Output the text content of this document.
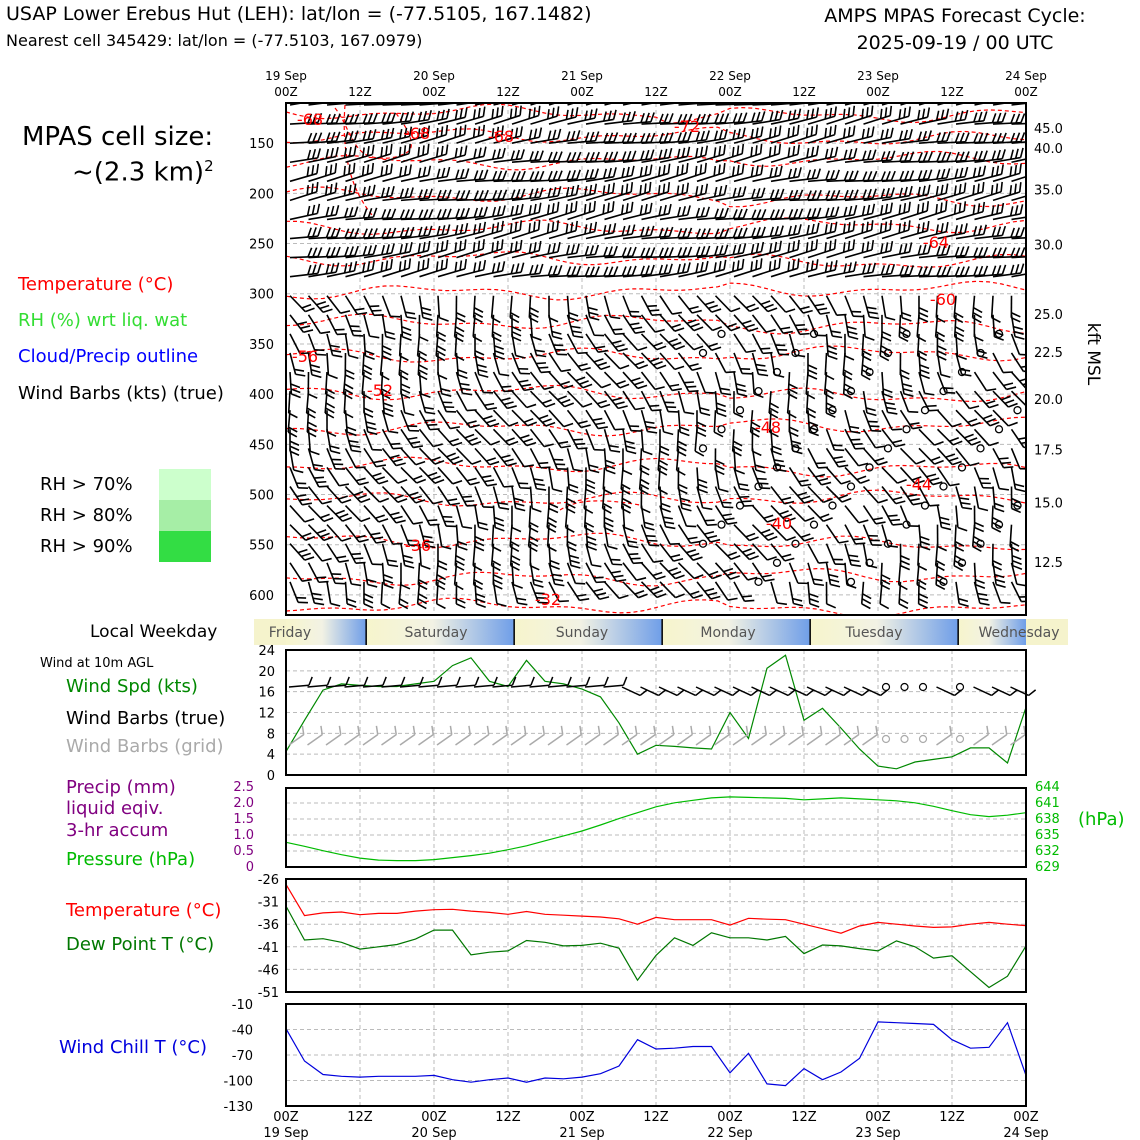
USAP Lower Erebus Hut (LEH): lat/lon = (-77.5105, 167.1482)
Nearest cell 345429: lat/lon = (-77.5103, 167.0979)
AMPS MPAS Forecast Cycle:
2025-09-19 / 00 UTC
MPAS cell size:
~(2.3 km)$^2$
Temperature (°C)
RH (%) wrt liq. wat
Cloud/Precip outline
Wind Barbs (kts) (true)
RH > 70%
RH > 80%
RH > 90%
Local Weekday
Wind at 10m AGL
Wind Spd (kts)
Wind Barbs (true)
Wind Barbs (grid)
Precip (mm)
liquid eqiv.
3-hr accum
Pressure (hPa)
(hPa)
Temperature (°C)
Dew Point T (°C)
Wind Chill T (°C)
19 Sep	20 Sep	21 Sep	22 Sep	23 Sep	24 Sep
00Z	12Z	00Z	12Z	00Z	12Z	00Z	12Z	00Z	12Z	00Z
150
200
250
300
350
400
450
500
550
600
45.0
40.0
35.0
30.0
25.0
22.5
20.0
17.5
15.0
12.5
-68
-68	-68
-72
-64
-60
-56
-52
-48
-44
-40
-36
-32
Friday	Saturday	Sunday	Monday	Tuesday	Wednesday
0
4
8
12
16
20
24
0
0.5
1.0
1.5
2.0
2.5
629
632
635
638
641
644
-26
-31
-36
-41
-46
-51
-10
-40
-70
-100
-130
00Z	12Z	00Z	12Z	00Z	12Z	00Z	12Z	00Z	12Z	00Z
19 Sep	20 Sep	21 Sep	22 Sep	23 Sep	24 Sep
kft MSL
